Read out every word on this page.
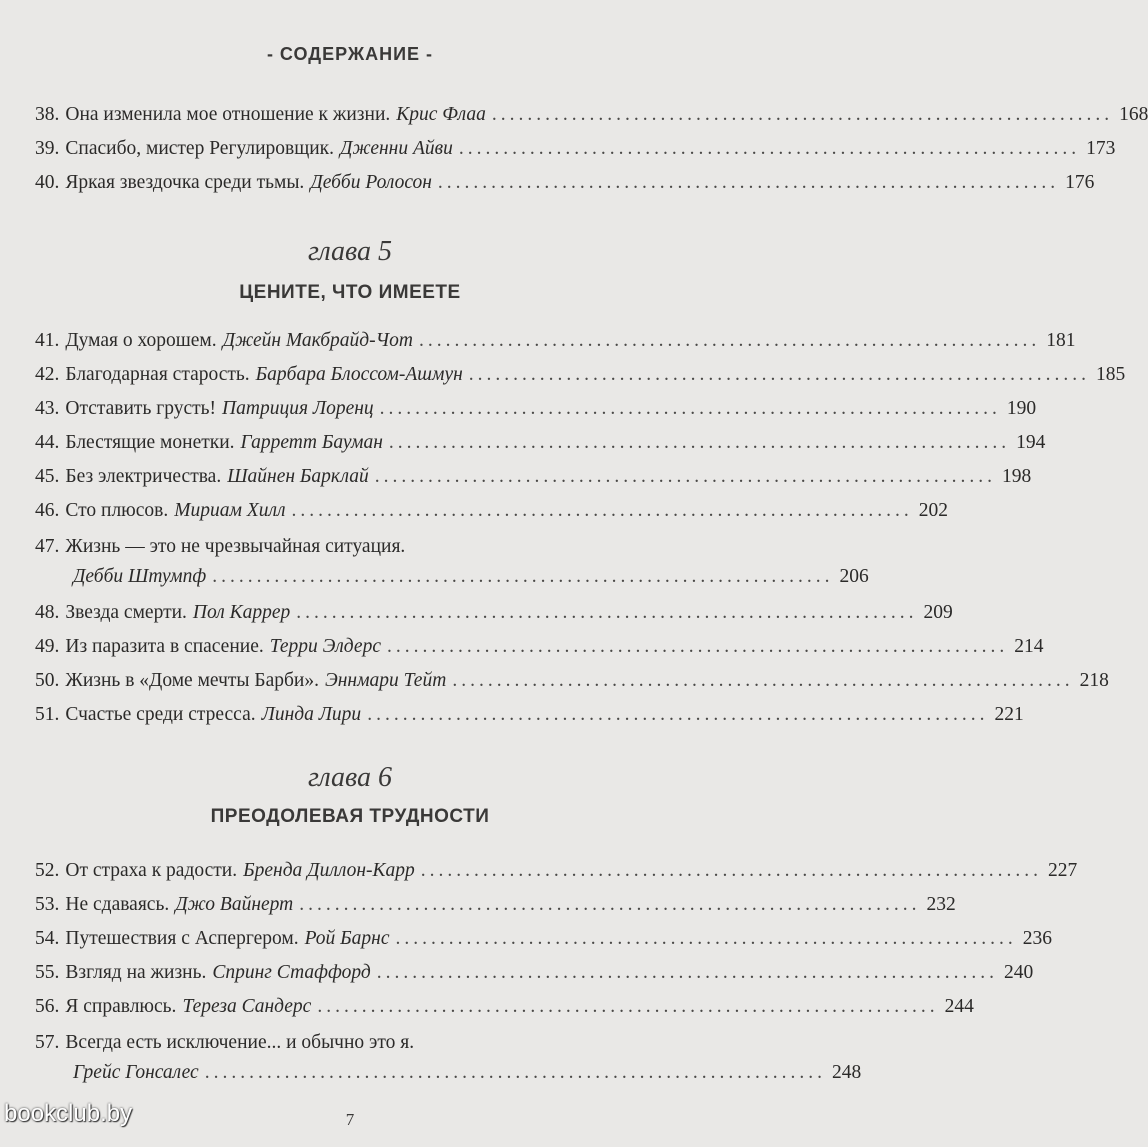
- СОДЕРЖАНИЕ -
38. Она изменила мое отношение к жизни. Крис Флаа ...................................................................... 168
39. Спасибо, мистер Регулировщик. Дженни Айви ...................................................................... 173
40. Яркая звездочка среди тьмы. Дебби Ролосон ...................................................................... 176
глава 5
ЦЕНИТЕ, ЧТО ИМЕЕТЕ
41. Думая о хорошем. Джейн Макбрайд-Чот ...................................................................... 181
42. Благодарная старость. Барбара Блоссом-Ашмун ...................................................................... 185
43. Отставить грусть! Патриция Лоренц ...................................................................... 190
44. Блестящие монетки. Гарретт Бауман ...................................................................... 194
45. Без электричества. Шайнен Барклай ...................................................................... 198
46. Сто плюсов. Мириам Хилл ...................................................................... 202
47. Жизнь — это не чрезвычайная ситуация.
Дебби Штумпф ...................................................................... 206
48. Звезда смерти. Пол Каррер ...................................................................... 209
49. Из паразита в спасение. Терри Элдерс ...................................................................... 214
50. Жизнь в «Доме мечты Барби». Эннмари Тейт ...................................................................... 218
51. Счастье среди стресса. Линда Лири ...................................................................... 221
глава 6
ПРЕОДОЛЕВАЯ ТРУДНОСТИ
52. От страха к радости. Бренда Диллон-Карр ...................................................................... 227
53. Не сдаваясь. Джо Вайнерт ...................................................................... 232
54. Путешествия с Аспергером. Рой Барнс ...................................................................... 236
55. Взгляд на жизнь. Спринг Стаффорд ...................................................................... 240
56. Я справлюсь. Тереза Сандерс ...................................................................... 244
57. Всегда есть исключение... и обычно это я.
Грейс Гонсалес ...................................................................... 248
7
bookclub.by
